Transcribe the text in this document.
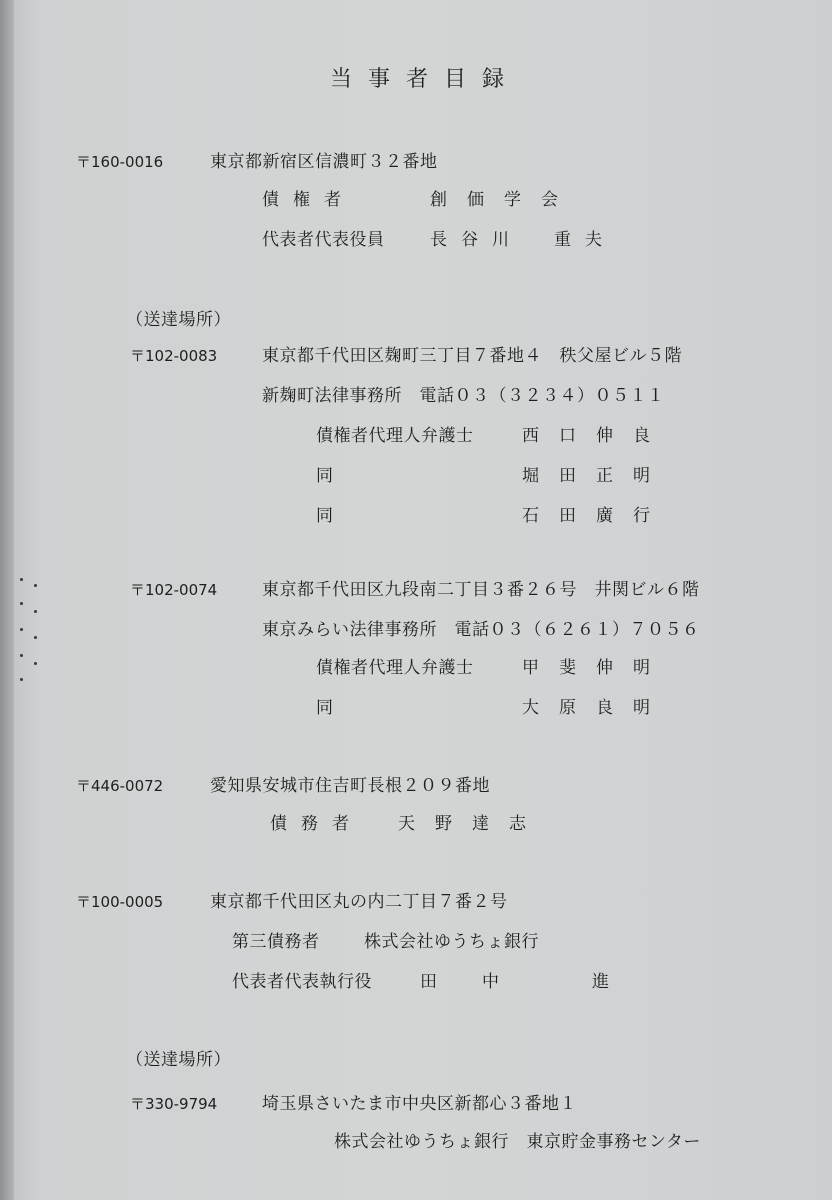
当事者目録
〒160-0016	東京都新宿区信濃町３２番地
債権者	創価学会
代表者代表役員	長谷川　重夫
（送達場所）
〒102-0083	東京都千代田区麹町三丁目７番地４　秩父屋ビル５階
新麹町法律事務所　電話０３（３２３４）０５１１
債権者代理人弁護士	西口伸良
同	堀田正明
同	石田廣行
〒102-0074	東京都千代田区九段南二丁目３番２６号　井関ビル６階
東京みらい法律事務所　電話０３（６２６１）７０５６
債権者代理人弁護士	甲斐伸明
同	大原良明
〒446-0072	愛知県安城市住吉町長根２０９番地
債務者 天野達志
〒100-0005	東京都千代田区丸の内二丁目７番２号
第三債務者	株式会社ゆうちょ銀行
代表者代表執行役	田	中	進
（送達場所）
〒330-9794	埼玉県さいたま市中央区新都心３番地１
株式会社ゆうちょ銀行　東京貯金事務センター
